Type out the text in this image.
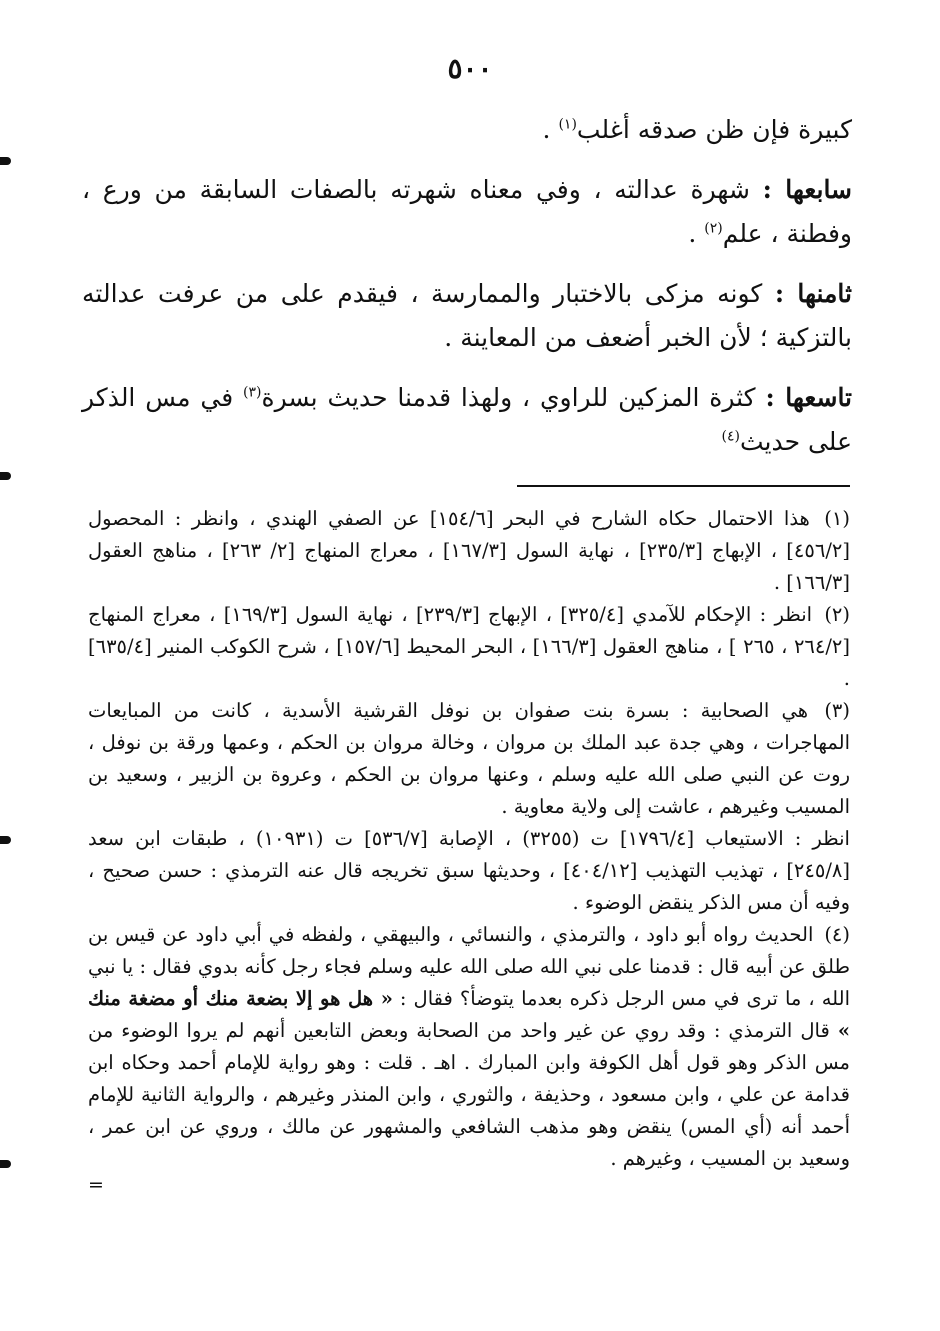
٥٠٠

كبيرة فإن ظن صدقه أغلب$^{(١)}$ .

سابعها : شهرة عدالته ، وفي معناه شهرته بالصفات السابقة من ورع ، وفطنة ، علم$^{(٢)}$ .

ثامنها : كونه مزكى بالاختبار والممارسة ، فيقدم على من عرفت عدالته بالتزكية ؛ لأن الخبر أضعف من المعاينة .

تاسعها : كثرة المزكين للراوي ، ولهذا قدمنا حديث بسرة$^{(٣)}$ في مس الذكر على حديث$^{(٤)}$

(١) هذا الاحتمال حكاه الشارح في البحر [١٥٤/٦] عن الصفي الهندي ، وانظر : المحصول [٤٥٦/٢] ، الإبهاج [٢٣٥/٣] ، نهاية السول [١٦٧/٣] ، معراج المنهاج [٢/ ٢٦٣] ، مناهج العقول [١٦٦/٣] .

(٢) انظر : الإحكام للآمدي [٣٢٥/٤] ، الإبهاج [٢٣٩/٣] ، نهاية السول [١٦٩/٣] ، معراج المنهاج [٢٦٤/٢ ، ٢٦٥ ] ، مناهج العقول [١٦٦/٣] ، البحر المحيط [١٥٧/٦] ، شرح الكوكب المنير [٦٣٥/٤] .

(٣) هي الصحابية : بسرة بنت صفوان بن نوفل القرشية الأسدية ، كانت من المبايعات المهاجرات ، وهي جدة عبد الملك بن مروان ، وخالة مروان بن الحكم ، وعمها ورقة بن نوفل ، روت عن النبي صلى الله عليه وسلم ، وعنها مروان بن الحكم ، وعروة بن الزبير ، وسعيد بن المسيب وغيرهم ، عاشت إلى ولاية معاوية .

انظر : الاستيعاب [١٧٩٦/٤] ت (٣٢٥٥) ، الإصابة [٥٣٦/٧] ت (١٠٩٣١) ، طبقات ابن سعد [٢٤٥/٨] ، تهذيب التهذيب [٤٠٤/١٢] ، وحديثها سبق تخريجه قال عنه الترمذي : حسن صحيح ، وفيه أن مس الذكر ينقض الوضوء .

(٤) الحديث رواه أبو داود ، والترمذي ، والنسائي ، والبيهقي ، ولفظه في أبي داود عن قيس بن طلق عن أبيه قال : قدمنا على نبي الله صلى الله عليه وسلم فجاء رجل كأنه بدوي فقال : يا نبي الله ، ما ترى في مس الرجل ذكره بعدما يتوضأ؟ فقال : « هل هو إلا بضعة منك أو مضغة منك » قال الترمذي : وقد روي عن غير واحد من الصحابة وبعض التابعين أنهم لم يروا الوضوء من مس الذكر وهو قول أهل الكوفة وابن المبارك . اهـ . قلت : وهو رواية للإمام أحمد وحكاه ابن قدامة عن علي ، وابن مسعود ، وحذيفة ، والثوري ، وابن المنذر وغيرهم ، والرواية الثانية للإمام أحمد أنه (أي المس) ينقض وهو مذهب الشافعي والمشهور عن مالك ، وروي عن ابن عمر ، وسعيد بن المسيب ، وغيرهم .

=
